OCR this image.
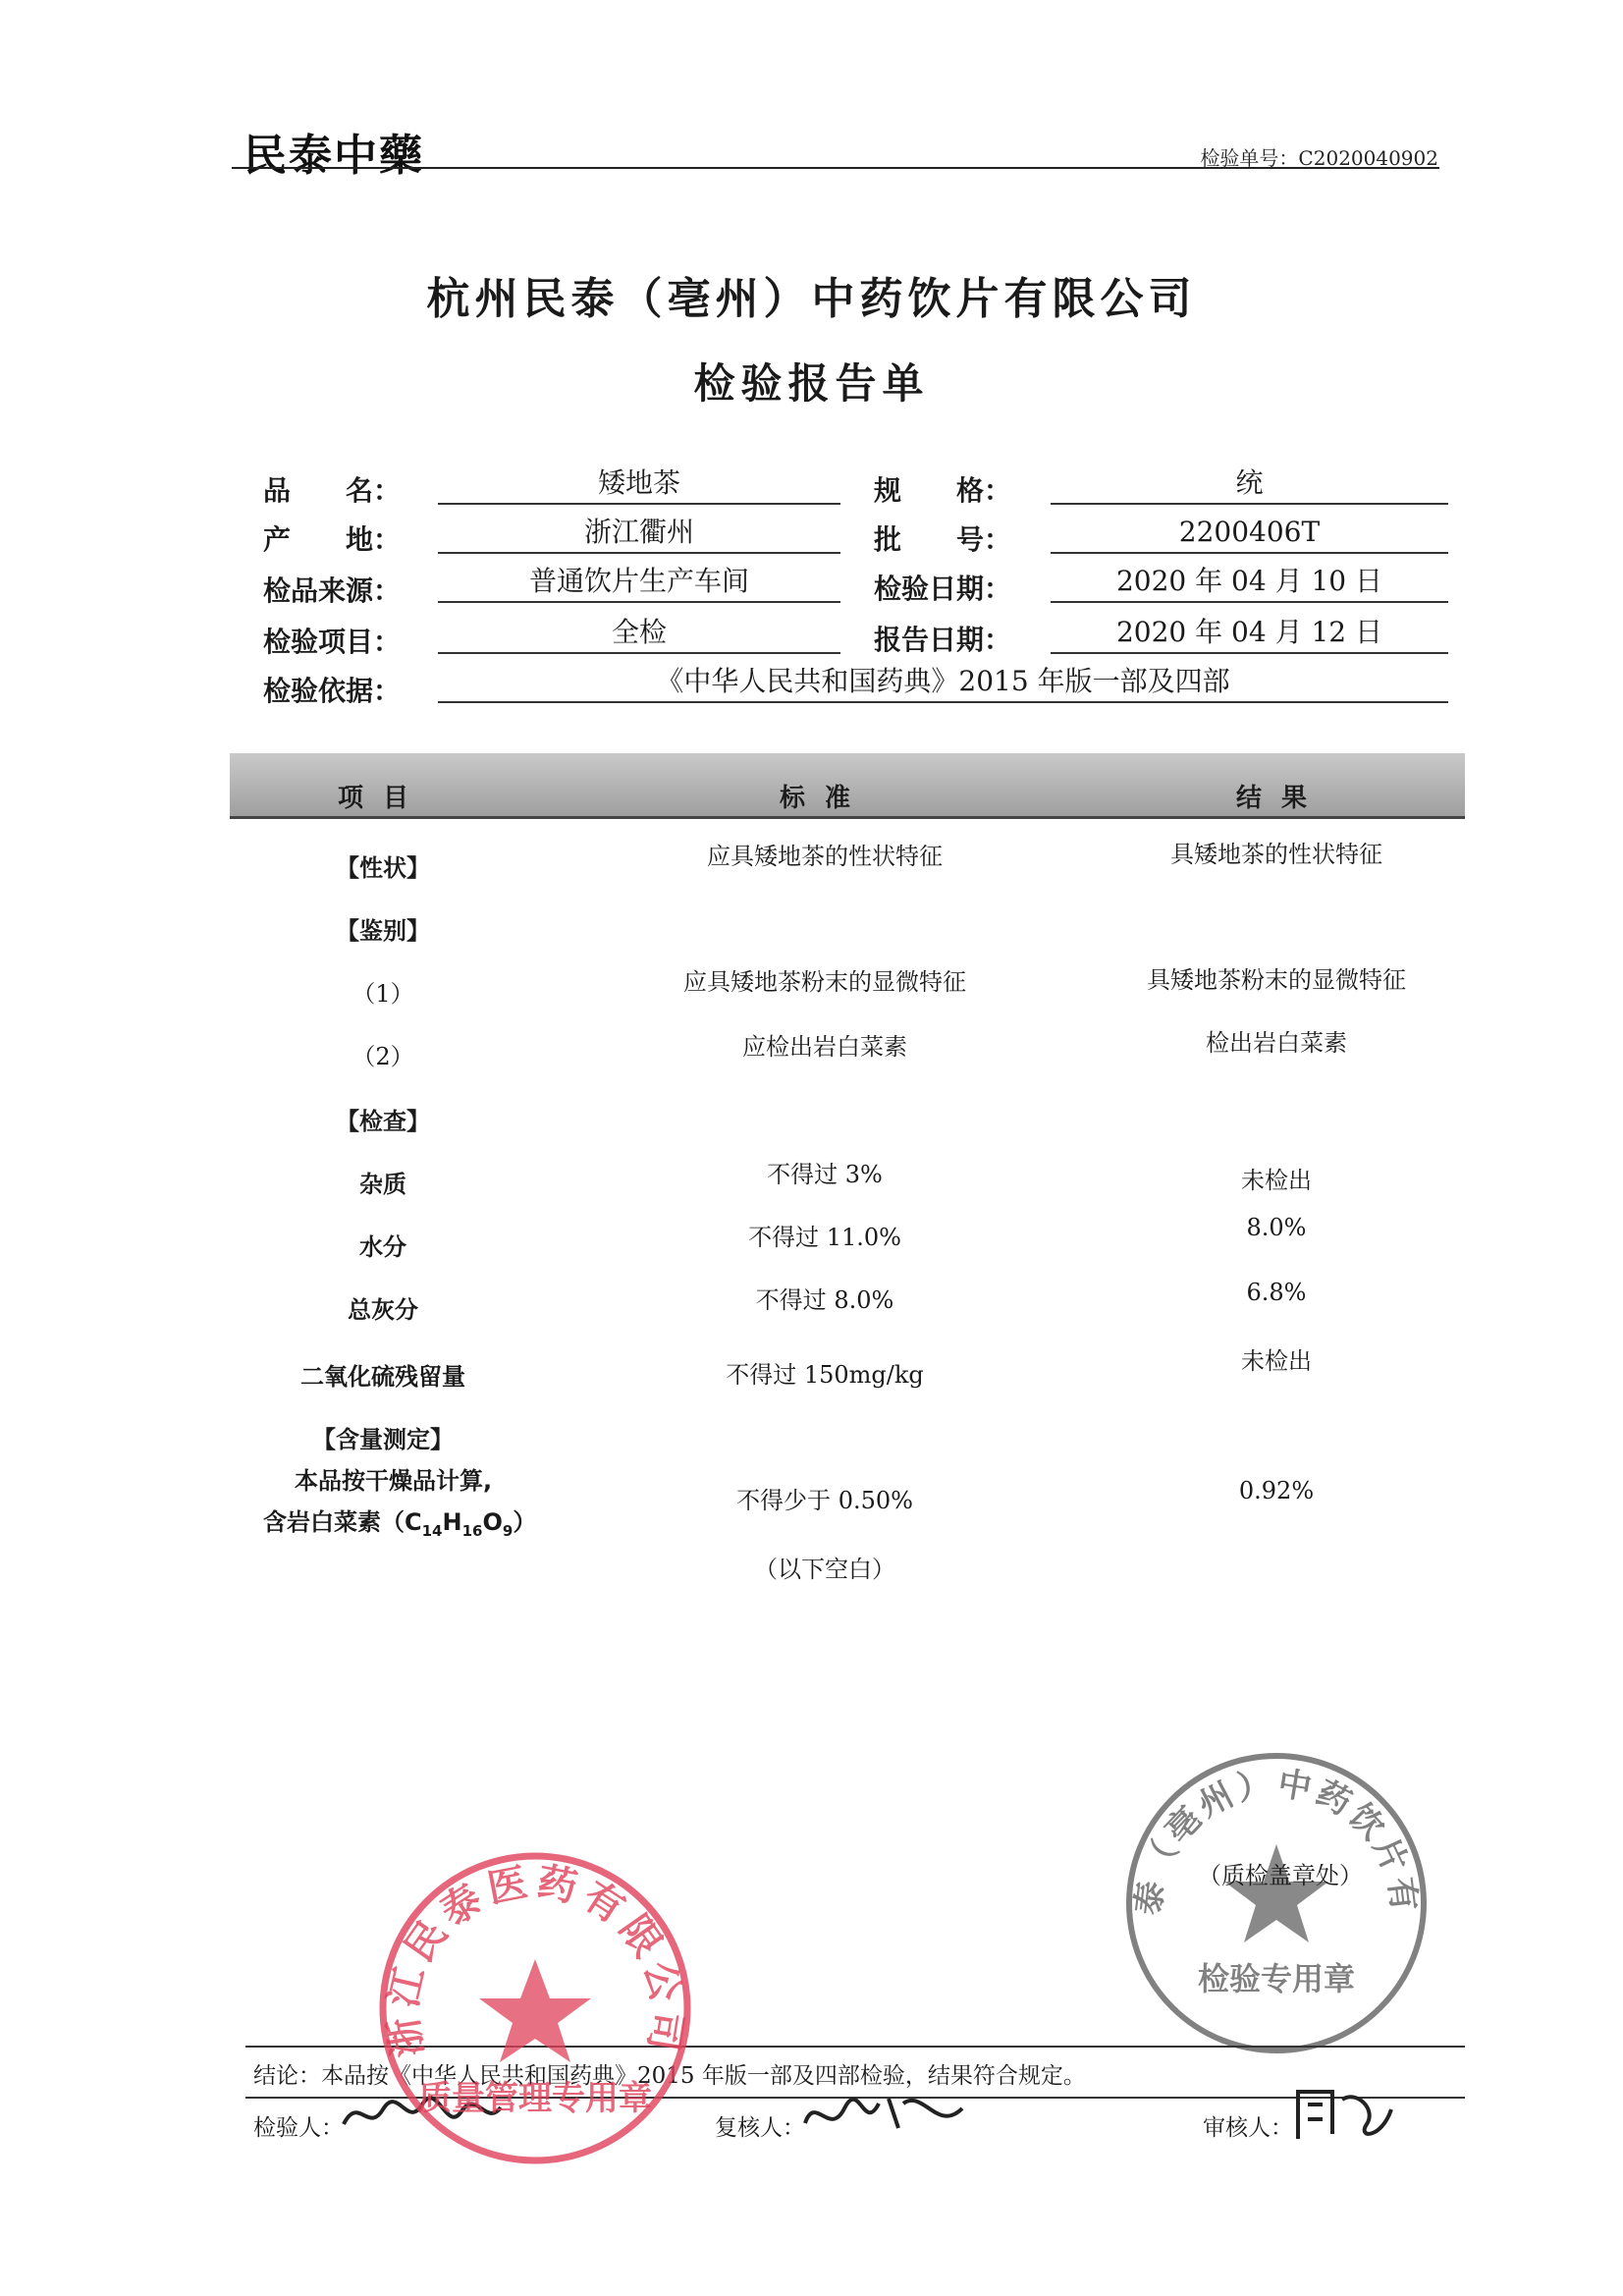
民泰中藥	检验单号：C2020040902
杭州民泰（亳州）中药饮片有限公司
检验报告单
品　　名：	矮地茶	规　　格：	统
产　　地：	浙江衢州	批　　号：	2200406T
检品来源：	普通饮片生产车间	检验日期：	2020 年 04 月 10 日
检验项目：	全检	报告日期：	2020 年 04 月 12 日
检验依据：	《中华人民共和国药典》2015 年版一部及四部
项目	标准	结果
【性状】	应具矮地茶的性状特征	具矮地茶的性状特征
【鉴别】
（1）	应具矮地茶粉末的显微特征	具矮地茶粉末的显微特征
（2）	应检出岩白菜素	检出岩白菜素
【检查】
杂质	不得过 3%	未检出
水分	不得过 11.0%	8.0%
总灰分	不得过 8.0%	6.8%
二氧化硫残留量	不得过 150mg/kg	未检出
【含量测定】
本品按干燥品计算,
含岩白菜素$(C_{14}H_{16}O_9)$
不得少于 0.50%	0.92%
（以下空白）
泰（亳州）中药饮片有
检验专用章
（质检盖章处）
结论：本品按《中华人民共和国药典》2015 年版一部及四部检验，结果符合规定。
检验人：	复核人：	审核人：
浙江民泰医药有限公司
质量管理专用章
